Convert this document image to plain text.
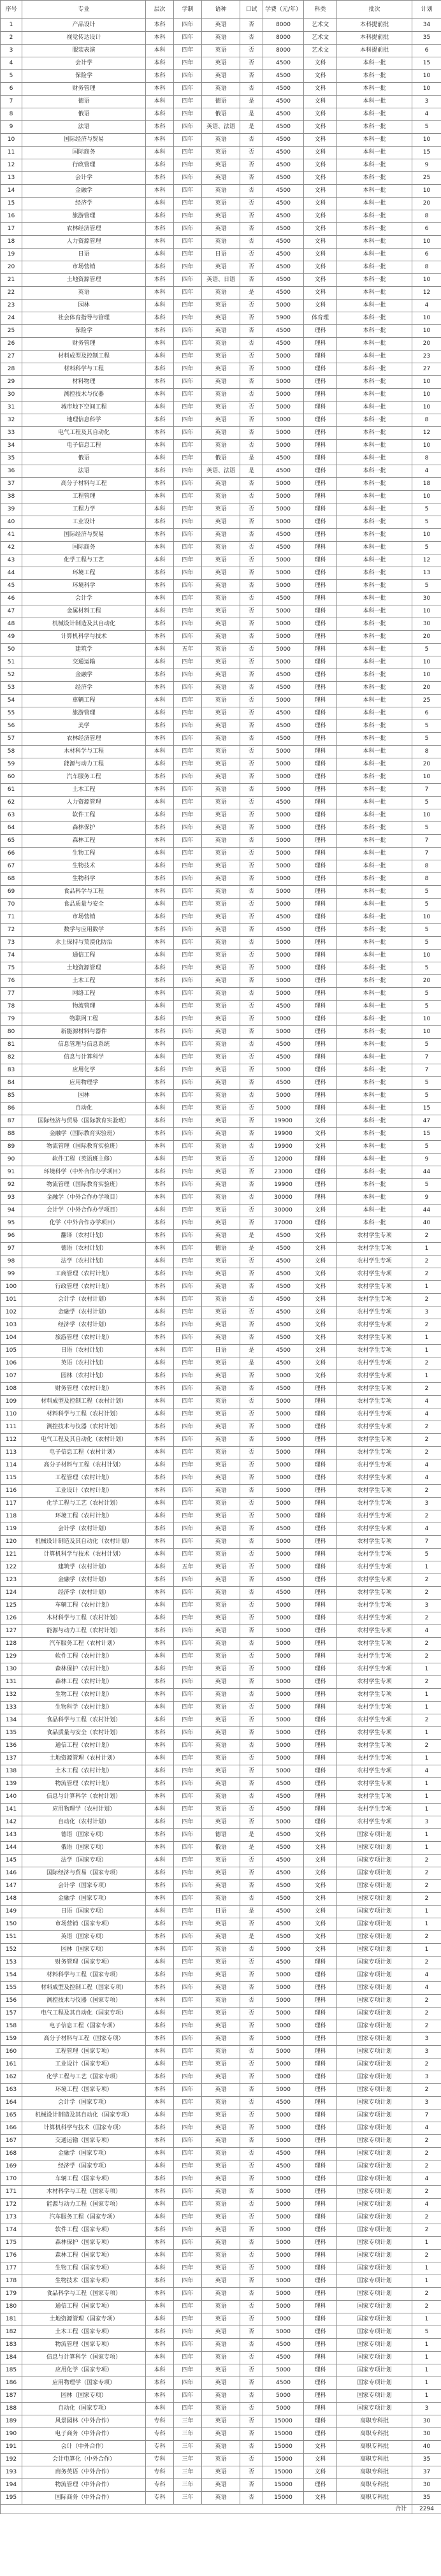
序号	专业	层次	学制	语种	口试	学费（元/年）	科类	批次	计划
1	产品设计	本科	四年	英语	否	8000	艺术文	本科提前批	34
2	视觉传达设计	本科	四年	英语	否	8000	艺术文	本科提前批	35
3	服装表演	本科	四年	英语	否	8000	艺术文	本科提前批	6
4	会计学	本科	四年	英语	否	4500	文科	本科一批	15
5	保险学	本科	四年	英语	否	4500	文科	本科一批	10
6	财务管理	本科	四年	英语	否	4500	文科	本科一批	10
7	德语	本科	四年	德语	是	4500	文科	本科一批	3
8	俄语	本科	四年	俄语	是	4500	文科	本科一批	4
9	法语	本科	四年	英语、法语	是	4500	文科	本科一批	5
10	国际经济与贸易	本科	四年	英语	否	4500	文科	本科一批	10
11	国际商务	本科	四年	英语	否	4500	文科	本科一批	15
12	行政管理	本科	四年	英语	否	4500	文科	本科一批	9
13	会计学	本科	四年	英语	否	4500	文科	本科一批	25
14	金融学	本科	四年	英语	否	4500	文科	本科一批	10
15	经济学	本科	四年	英语	否	4500	文科	本科一批	20
16	旅游管理	本科	四年	英语	否	4500	文科	本科一批	8
17	农林经济管理	本科	四年	英语	否	4500	文科	本科一批	6
18	人力资源管理	本科	四年	英语	否	4500	文科	本科一批	10
19	日语	本科	四年	日语	否	4500	文科	本科一批	6
20	市场营销	本科	四年	英语	否	4500	文科	本科一批	8
21	土地资源管理	本科	四年	英语、日语	否	4500	文科	本科一批	10
22	英语	本科	四年	英语	是	4500	文科	本科一批	12
23	园林	本科	四年	英语	否	5000	文科	本科一批	4
24	社会体育指导与管理	本科	四年	英语	否	5900	体育理	本科一批	10
25	保险学	本科	四年	英语	否	4500	理科	本科一批	10
26	财务管理	本科	四年	英语	否	4500	理科	本科一批	20
27	材料成型及控制工程	本科	四年	英语	否	5000	理科	本科一批	23
28	材料科学与工程	本科	四年	英语	否	5000	理科	本科一批	27
29	材料物理	本科	四年	英语	否	5000	理科	本科一批	10
30	测控技术与仪器	本科	四年	英语	否	5000	理科	本科一批	10
31	城市地下空间工程	本科	四年	英语	否	5000	理科	本科一批	10
32	地理信息科学	本科	四年	英语	否	5000	理科	本科一批	8
33	电气工程及其自动化	本科	四年	英语	否	5000	理科	本科一批	12
34	电子信息工程	本科	四年	英语	否	5000	理科	本科一批	10
35	俄语	本科	四年	俄语	是	4500	理科	本科一批	8
36	法语	本科	四年	英语、法语	是	4500	理科	本科一批	4
37	高分子材料与工程	本科	四年	英语	否	5000	理科	本科一批	18
38	工程管理	本科	四年	英语	否	5000	理科	本科一批	10
39	工程力学	本科	四年	英语	否	5000	理科	本科一批	5
40	工业设计	本科	四年	英语	否	5000	理科	本科一批	5
41	国际经济与贸易	本科	四年	英语	否	4500	理科	本科一批	10
42	国际商务	本科	四年	英语	否	4500	理科	本科一批	5
43	化学工程与工艺	本科	四年	英语	否	5000	理科	本科一批	12
44	环境工程	本科	四年	英语	否	5000	理科	本科一批	13
45	环境科学	本科	四年	英语	否	5000	理科	本科一批	5
46	会计学	本科	四年	英语	否	4500	理科	本科一批	30
47	金属材料工程	本科	四年	英语	否	5000	理科	本科一批	10
48	机械设计制造及其自动化	本科	四年	英语	否	5000	理科	本科一批	30
49	计算机科学与技术	本科	四年	英语	否	5000	理科	本科一批	20
50	建筑学	本科	五年	英语	否	5000	理科	本科一批	5
51	交通运输	本科	四年	英语	否	5000	理科	本科一批	10
52	金融学	本科	四年	英语	否	4500	理科	本科一批	10
53	经济学	本科	四年	英语	否	4500	理科	本科一批	20
54	車辆工程	本科	四年	英语	否	5000	理科	本科一批	25
55	旅游管理	本科	四年	英语	否	4500	理科	本科一批	6
56	美学	本科	四年	英语	否	4500	理科	本科一批	5
57	农林经济管理	本科	四年	英语	否	4500	理科	本科一批	5
58	木材科学与工程	本科	四年	英语	否	5000	理科	本科一批	8
59	能源与动力工程	本科	四年	英语	否	5000	理科	本科一批	20
60	汽车服务工程	本科	四年	英语	否	5000	理科	本科一批	10
61	土木工程	本科	四年	英语	否	5000	理科	本科一批	7
62	人力资源管理	本科	四年	英语	否	4500	理科	本科一批	5
63	软件工程	本科	四年	英语	否	5000	理科	本科一批	10
64	森林保护	本科	四年	英语	否	5000	理科	本科一批	5
65	森林工程	本科	四年	英语	否	5000	理科	本科一批	7
66	生物工程	本科	四年	英语	否	5000	理科	本科一批	7
67	生物技术	本科	四年	英语	否	5000	理科	本科一批	8
68	生物科学	本科	四年	英语	否	5000	理科	本科一批	8
69	食品科学与工程	本科	四年	英语	否	5000	理科	本科一批	5
70	食品质量与安全	本科	四年	英语	否	5000	理科	本科一批	5
71	市场营销	本科	四年	英语	否	4500	理科	本科一批	10
72	数学与应用数学	本科	四年	英语	否	4500	理科	本科一批	5
73	水土保持与荒漠化防治	本科	四年	英语	否	5000	理科	本科一批	5
74	通信工程	本科	四年	英语	否	5000	理科	本科一批	10
75	土地资源管理	本科	四年	英语	否	5000	理科	本科一批	5
76	土木工程	本科	四年	英语	否	5000	理科	本科一批	20
77	网络工程	本科	四年	英语	否	5000	理科	本科一批	5
78	物流管理	本科	四年	英语	否	4500	理科	本科一批	5
79	物联网工程	本科	四年	英语	否	5000	理科	本科一批	10
80	新能源材料与器件	本科	四年	英语	否	5000	理科	本科一批	10
81	信息管理与信息系统	本科	四年	英语	否	4500	理科	本科一批	5
82	信息与计算科学	本科	四年	英语	否	4500	理科	本科一批	7
83	应用化学	本科	四年	英语	否	5000	理科	本科一批	7
84	应用物理学	本科	四年	英语	否	4500	理科	本科一批	5
85	园林	本科	四年	英语	否	5000	理科	本科一批	5
86	自动化	本科	四年	英语	否	5000	理科	本科一批	15
87	国际经济与贸易（国际教育实验班）	本科	四年	英语	否	19900	文科	本科一批	47
88	金融学（国际教育实验班）	本科	四年	英语	否	19900	文科	本科一批	15
89	物流管理（国际教育实验班）	本科	四年	英语	否	19900	文科	本科一批	5
90	软件工程（英语班主修）	本科	四年	英语	否	12000	理科	本科一批	9
91	环境科学（中外合作办学项目）	本科	四年	英语	否	23000	理科	本科一批	44
92	物流管理（国际教育实验班）	本科	四年	英语	否	19900	理科	本科一批	5
93	金融学（中外合作办学项目）	本科	四年	英语	否	30000	理科	本科一批	9
94	会计学（中外合作办学项目）	本科	四年	英语	否	30000	文科	本科一批	44
95	化学（中外合作办学项目）	本科	四年	英语	否	37000	理科	本科一批	40
96	翻译（农村计划）	本科	四年	英语	是	4500	文科	农村学生专项	2
97	德语（农村计划）	本科	四年	德语	是	4500	文科	农村学生专项	1
98	法学（农村计划）	本科	四年	英语	否	4500	文科	农村学生专项	2
99	工商管理（农村计划）	本科	四年	英语	否	4500	文科	农村学生专项	2
100	行政管理（农村计划）	本科	四年	英语	否	4500	文科	农村学生专项	1
101	会计学（农村计划）	本科	四年	英语	否	4500	文科	农村学生专项	2
102	金融学（农村计划）	本科	四年	英语	否	4500	文科	农村学生专项	3
103	经济学（农村计划）	本科	四年	英语	否	4500	文科	农村学生专项	2
104	旅游管理（农村计划）	本科	四年	英语	否	4500	文科	农村学生专项	1
105	日语（农村计划）	本科	四年	日语	是	4500	文科	农村学生专项	1
106	英语（农村计划）	本科	四年	英语	是	4500	文科	农村学生专项	2
107	园林（农村计划）	本科	四年	英语	否	5000	文科	农村学生专项	1
108	财务管理（农村计划）	本科	四年	英语	否	4500	理科	农村学生专项	2
109	材料成型及控制工程（农村计划）	本科	四年	英语	否	5000	理科	农村学生专项	4
110	材料科学与工程（农村计划）	本科	四年	英语	否	5000	理科	农村学生专项	4
111	测控技术与仪器（农村计划）	本科	四年	英语	否	5000	理科	农村学生专项	2
112	电气工程及其自动化（农村计划）	本科	四年	英语	否	5000	理科	农村学生专项	2
113	电子信息工程（农村计划）	本科	四年	英语	否	5000	理科	农村学生专项	2
114	高分子材料与工程（农村计划）	本科	四年	英语	否	5000	理科	农村学生专项	4
115	工程管理（农村计划）	本科	四年	英语	否	5000	理科	农村学生专项	4
116	工业设计（农村计划）	本科	四年	英语	否	5000	理科	农村学生专项	2
117	化学工程与工艺（农村计划）	本科	四年	英语	否	5000	理科	农村学生专项	3
118	环境工程（农村计划）	本科	四年	英语	否	5000	理科	农村学生专项	2
119	会计学（农村计划）	本科	四年	英语	否	4500	理科	农村学生专项	4
120	机械设计制造及其自动化（农村计划）	本科	四年	英语	否	5000	理科	农村学生专项	7
121	计算机科学与技术（农村计划）	本科	四年	英语	否	5000	理科	农村学生专项	5
122	建筑学（农村计划）	本科	五年	英语	否	5000	理科	农村学生专项	1
123	金融学（农村计划）	本科	四年	英语	否	4500	理科	农村学生专项	2
124	经济学（农村计划）	本科	四年	英语	否	4500	理科	农村学生专项	2
125	车辆工程（农村计划）	本科	四年	英语	否	5000	理科	农村学生专项	3
126	木材科学与工程（农村计划）	本科	四年	英语	否	5000	理科	农村学生专项	2
127	能源与动力工程（农村计划）	本科	四年	英语	否	5000	理科	农村学生专项	4
128	汽车服务工程（农村计划）	本科	四年	英语	否	5000	理科	农村学生专项	2
129	软件工程（农村计划）	本科	四年	英语	否	5000	理科	农村学生专项	2
130	森林保护（农村计划）	本科	四年	英语	否	5000	理科	农村学生专项	1
131	森林工程（农村计划）	本科	四年	英语	否	5000	理科	农村学生专项	2
132	生物工程（农村计划）	本科	四年	英语	否	5000	理科	农村学生专项	1
133	生物科学（农村计划）	本科	四年	英语	否	5000	理科	农村学生专项	1
134	食品科学与工程（农村计划）	本科	四年	英语	否	5000	理科	农村学生专项	2
135	食品质量与安全（农村计划）	本科	四年	英语	否	5000	理科	农村学生专项	1
136	通信工程（农村计划）	本科	四年	英语	否	5000	理科	农村学生专项	2
137	土地资源管理（农村计划）	本科	四年	英语	否	5000	理科	农村学生专项	1
138	土木工程（农村计划）	本科	四年	英语	否	5000	理科	农村学生专项	4
139	物流管理（农村计划）	本科	四年	英语	否	4500	理科	农村学生专项	1
140	信息与计算科学（农村计划）	本科	四年	英语	否	4500	理科	农村学生专项	1
141	应用物理学（农村计划）	本科	四年	英语	否	4500	理科	农村学生专项	1
142	自动化（农村计划）	本科	四年	英语	否	5000	理科	农村学生专项	3
143	德语（国家专项）	本科	四年	德语	是	4500	文科	国家专项计划	1
144	俄语（国家专项）	本科	四年	俄语	是	4500	文科	国家专项计划	1
145	法学（国家专项）	本科	四年	英语	否	4500	文科	国家专项计划	2
146	国际经济与贸易（国家专项）	本科	四年	英语	否	4500	文科	国家专项计划	2
147	会计学（国家专项）	本科	四年	英语	否	4500	文科	国家专项计划	2
148	金融学（国家专项）	本科	四年	英语	否	4500	文科	国家专项计划	2
149	日语（国家专项）	本科	四年	日语	是	4500	文科	国家专项计划	1
150	市场营销（国家专项）	本科	四年	英语	否	4500	文科	国家专项计划	1
151	英语（国家专项）	本科	四年	英语	是	4500	文科	国家专项计划	2
152	园林（国家专项）	本科	四年	英语	否	5000	文科	国家专项计划	1
153	财务管理（国家专项）	本科	四年	英语	否	4500	理科	国家专项计划	2
154	材料科学与工程（国家专项）	本科	四年	英语	否	5000	理科	国家专项计划	4
155	材料成型及控制工程（国家专项）	本科	四年	英语	否	5000	理科	国家专项计划	4
156	测控技术与仪器（国家专项）	本科	四年	英语	否	5000	理科	国家专项计划	2
157	电气工程及其自动化（国家专项）	本科	四年	英语	否	5000	理科	国家专项计划	2
158	电子信息工程（国家专项）	本科	四年	英语	否	5000	理科	国家专项计划	2
159	高分子材料与工程（国家专项）	本科	四年	英语	否	5000	理科	国家专项计划	3
160	工程管理（国家专项）	本科	四年	英语	否	5000	理科	国家专项计划	3
161	工业设计（国家专项）	本科	四年	英语	否	5000	理科	国家专项计划	2
162	化学工程与工艺（国家专项）	本科	四年	英语	否	5000	理科	国家专项计划	3
163	环境工程（国家专项）	本科	四年	英语	否	5000	理科	国家专项计划	2
164	会计学（国家专项）	本科	四年	英语	否	4500	理科	国家专项计划	3
165	机械设计制造及其自动化（国家专项）	本科	四年	英语	否	5000	理科	国家专项计划	7
166	计算机科学与技术（国家专项）	本科	四年	英语	否	5000	理科	国家专项计划	4
167	交通运输（国家专项）	本科	四年	英语	否	5000	理科	国家专项计划	2
168	金融学（国家专项）	本科	四年	英语	否	4500	理科	国家专项计划	2
169	经济学（国家专项）	本科	四年	英语	否	4500	理科	国家专项计划	2
170	车辆工程（国家专项）	本科	四年	英语	否	5000	理科	国家专项计划	4
171	木材科学与工程（国家专项）	本科	四年	英语	否	5000	理科	国家专项计划	2
172	能源与动力工程（国家专项）	本科	四年	英语	否	5000	理科	国家专项计划	4
173	汽车服务工程（国家专项）	本科	四年	英语	否	5000	理科	国家专项计划	2
174	软件工程（国家专项）	本科	四年	英语	否	5000	理科	国家专项计划	2
175	森林保护（国家专项）	本科	四年	英语	否	5000	理科	国家专项计划	1
176	森林工程（国家专项）	本科	四年	英语	否	5000	理科	国家专项计划	2
177	生物工程（国家专项）	本科	四年	英语	否	5000	理科	国家专项计划	1
178	生物技术（国家专项）	本科	四年	英语	否	5000	理科	国家专项计划	1
179	食品科学与工程（国家专项）	本科	四年	英语	否	5000	理科	国家专项计划	2
180	通信工程（国家专项）	本科	四年	英语	否	5000	理科	国家专项计划	2
181	土地资源管理（国家专项）	本科	四年	英语	否	5000	理科	国家专项计划	1
182	土木工程（国家专项）	本科	四年	英语	否	5000	理科	国家专项计划	5
183	物流管理（国家专项）	本科	四年	英语	否	4500	理科	国家专项计划	1
184	信息与计算科学（国家专项）	本科	四年	英语	否	4500	理科	国家专项计划	1
185	应用化学（国家专项）	本科	四年	英语	否	5000	理科	国家专项计划	1
186	应用物理学（国家专项）	本科	四年	英语	否	4500	理科	国家专项计划	1
187	园林（国家专项）	本科	四年	英语	否	5000	理科	国家专项计划	1
188	自动化（国家专项）	本科	四年	英语	否	5000	理科	国家专项计划	3
189	风景园林（中外合作）	专科	三年	英语	否	15000	理科	高职专科批	30
190	电子商务（中外合作）	专科	三年	英语	否	15000	理科	高职专科批	30
191	会计（中外合作）	专科	三年	英语	否	15000	文科	高职专科批	40
192	会计电算化（中外合作）	专科	三年	英语	否	15000	文科	高职专科批	35
193	商务英语（中外合作）	专科	三年	英语	否	15000	文科	高职专科批	37
194	物流管理（中外合作）	专科	三年	英语	否	15000	理科	高职专科批	30
195	国际商务（中外合作）	专科	三年	英语	否	15000	文科	高职专科批	35
合计									2294
